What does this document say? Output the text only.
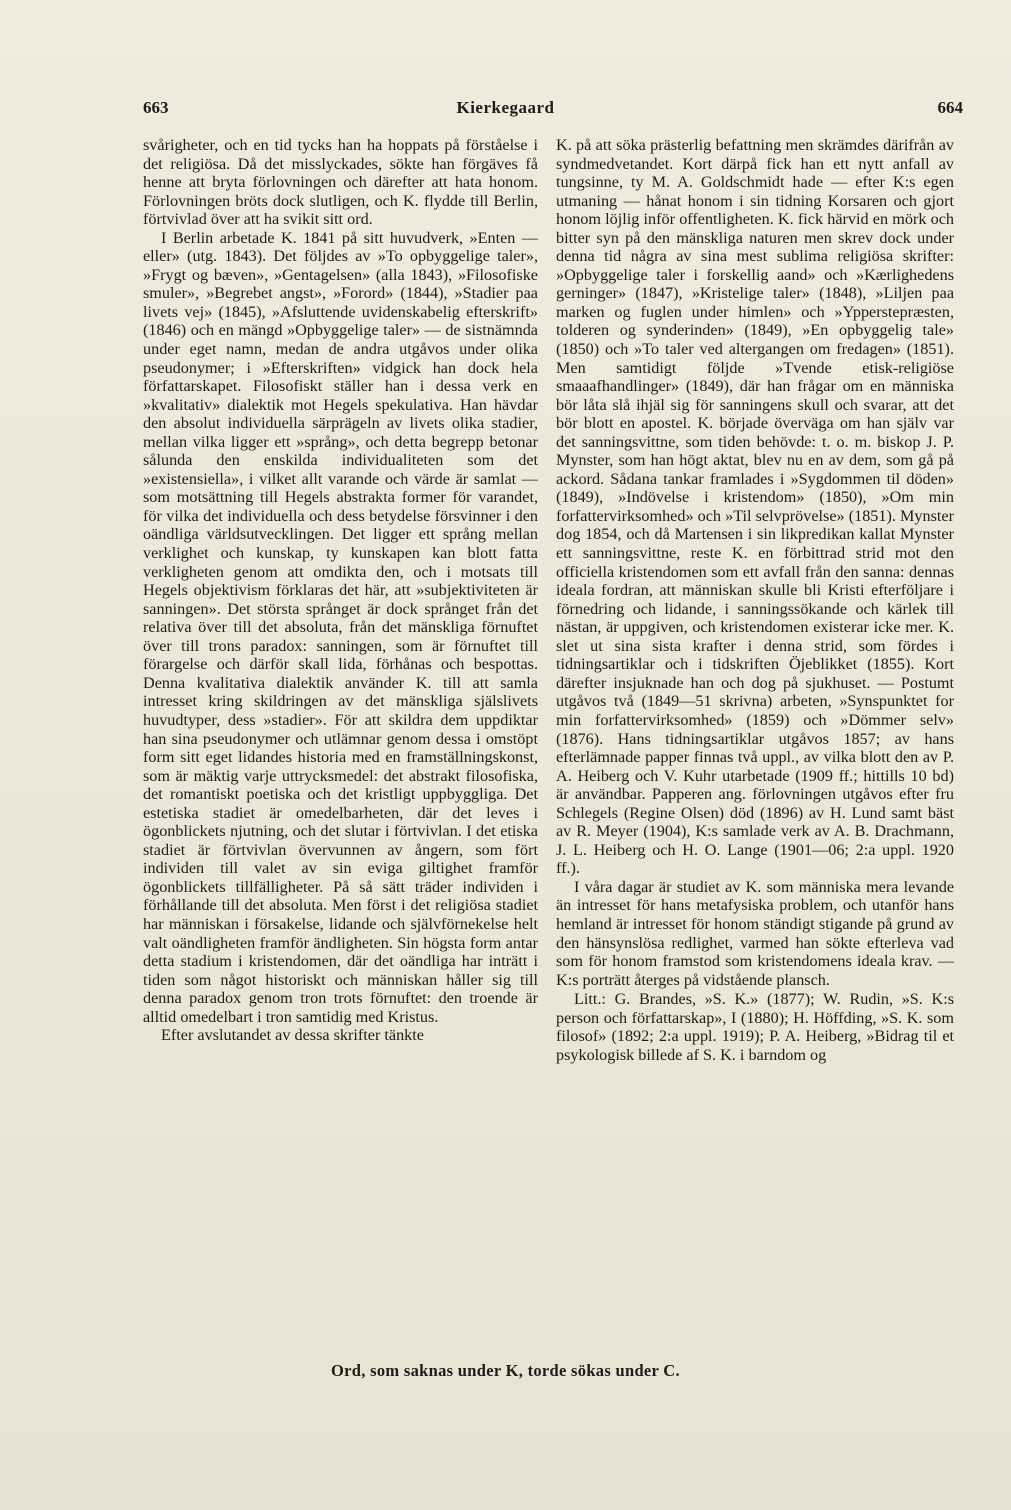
663	Kierkegaard	664

svårigheter, och en tid tycks han ha hoppats på förståelse i det religiösa. Då det misslyckades, sökte han förgäves få henne att bryta förlovningen och därefter att hata honom. Förlovningen bröts dock slutligen, och K. flydde till Berlin, förtvivlad över att ha svikit sitt ord.

I Berlin arbetade K. 1841 på sitt huvudverk, »Enten — eller» (utg. 1843). Det följdes av »To opbyggelige taler», »Frygt og bæven», »Gentagelsen» (alla 1843), »Filosofiske smuler», »Begrebet angst», »Forord» (1844), »Stadier paa livets vej» (1845), »Afsluttende uvidenskabelig efterskrift» (1846) och en mängd »Opbyggelige taler» — de sistnämnda under eget namn, medan de andra utgåvos under olika pseudonymer; i »Efterskriften» vidgick han dock hela författarskapet. Filosofiskt ställer han i dessa verk en »kvalitativ» dialektik mot Hegels spekulativa. Han hävdar den absolut individuella särprägeln av livets olika stadier, mellan vilka ligger ett »språng», och detta begrepp betonar sålunda den enskilda individualiteten som det »existensiella», i vilket allt varande och värde är samlat — som motsättning till Hegels abstrakta former för varandet, för vilka det individuella och dess betydelse försvinner i den oändliga världsutvecklingen. Det ligger ett språng mellan verklighet och kunskap, ty kunskapen kan blott fatta verkligheten genom att omdikta den, och i motsats till Hegels objektivism förklaras det här, att »subjektiviteten är sanningen». Det största språnget är dock språnget från det relativa över till det absoluta, från det mänskliga förnuftet över till trons paradox: sanningen, som är förnuftet till förargelse och därför skall lida, förhånas och bespottas. Denna kvalitativa dialektik använder K. till att samla intresset kring skildringen av det mänskliga själslivets huvudtyper, dess »stadier». För att skildra dem uppdiktar han sina pseudonymer och utlämnar genom dessa i omstöpt form sitt eget lidandes historia med en framställningskonst, som är mäktig varje uttrycksmedel: det abstrakt filosofiska, det romantiskt poetiska och det kristligt uppbyggliga. Det estetiska stadiet är omedelbarheten, där det leves i ögonblickets njutning, och det slutar i förtvivlan. I det etiska stadiet är förtvivlan övervunnen av ångern, som fört individen till valet av sin eviga giltighet framför ögonblickets tillfälligheter. På så sätt träder individen i förhållande till det absoluta. Men först i det religiösa stadiet har människan i försakelse, lidande och självförnekelse helt valt oändligheten framför ändligheten. Sin högsta form antar detta stadium i kristendomen, där det oändliga har inträtt i tiden som något historiskt och människan håller sig till denna paradox genom tron trots förnuftet: den troende är alltid omedelbart i tron samtidig med Kristus.

Efter avslutandet av dessa skrifter tänkte

K. på att söka prästerlig befattning men skrämdes därifrån av syndmedvetandet. Kort därpå fick han ett nytt anfall av tungsinne, ty M. A. Goldschmidt hade — efter K:s egen utmaning — hånat honom i sin tidning Korsaren och gjort honom löjlig inför offentligheten. K. fick härvid en mörk och bitter syn på den mänskliga naturen men skrev dock under denna tid några av sina mest sublima religiösa skrifter: »Opbyggelige taler i forskellig aand» och »Kærlighedens gerninger» (1847), »Kristelige taler» (1848), »Liljen paa marken og fuglen under himlen» och »Ypperstepræsten, tolderen og synderinden» (1849), »En opbyggelig tale» (1850) och »To taler ved altergangen om fredagen» (1851). Men samtidigt följde »Tvende etisk-religiöse smaaafhandlinger» (1849), där han frågar om en människa bör låta slå ihjäl sig för sanningens skull och svarar, att det bör blott en apostel. K. började överväga om han själv var det sanningsvittne, som tiden behövde: t. o. m. biskop J. P. Mynster, som han högt aktat, blev nu en av dem, som gå på ackord. Sådana tankar framlades i »Sygdommen til döden» (1849), »Indövelse i kristendom» (1850), »Om min forfattervirksomhed» och »Til selvprövelse» (1851). Mynster dog 1854, och då Martensen i sin likpredikan kallat Mynster ett sanningsvittne, reste K. en förbittrad strid mot den officiella kristendomen som ett avfall från den sanna: dennas ideala fordran, att människan skulle bli Kristi efterföljare i förnedring och lidande, i sanningssökande och kärlek till nästan, är uppgiven, och kristendomen existerar icke mer. K. slet ut sina sista krafter i denna strid, som fördes i tidningsartiklar och i tidskriften Öjeblikket (1855). Kort därefter insjuknade han och dog på sjukhuset. — Postumt utgåvos två (1849—51 skrivna) arbeten, »Synspunktet for min forfattervirksomhed» (1859) och »Dömmer selv» (1876). Hans tidningsartiklar utgåvos 1857; av hans efterlämnade papper finnas två uppl., av vilka blott den av P. A. Heiberg och V. Kuhr utarbetade (1909 ff.; hittills 10 bd) är användbar. Papperen ang. förlovningen utgåvos efter fru Schlegels (Regine Olsen) död (1896) av H. Lund samt bäst av R. Meyer (1904), K:s samlade verk av A. B. Drachmann, J. L. Heiberg och H. O. Lange (1901—06; 2:a uppl. 1920 ff.).

I våra dagar är studiet av K. som människa mera levande än intresset för hans metafysiska problem, och utanför hans hemland är intresset för honom ständigt stigande på grund av den hänsynslösa redlighet, varmed han sökte efterleva vad som för honom framstod som kristendomens ideala krav. — K:s porträtt återges på vidstående plansch.

Litt.: G. Brandes, »S. K.» (1877); W. Rudin, »S. K:s person och författarskap», I (1880); H. Höffding, »S. K. som filosof» (1892; 2:a uppl. 1919); P. A. Heiberg, »Bidrag til et psykologisk billede af S. K. i barndom og

Ord, som saknas under K, torde sökas under C.
